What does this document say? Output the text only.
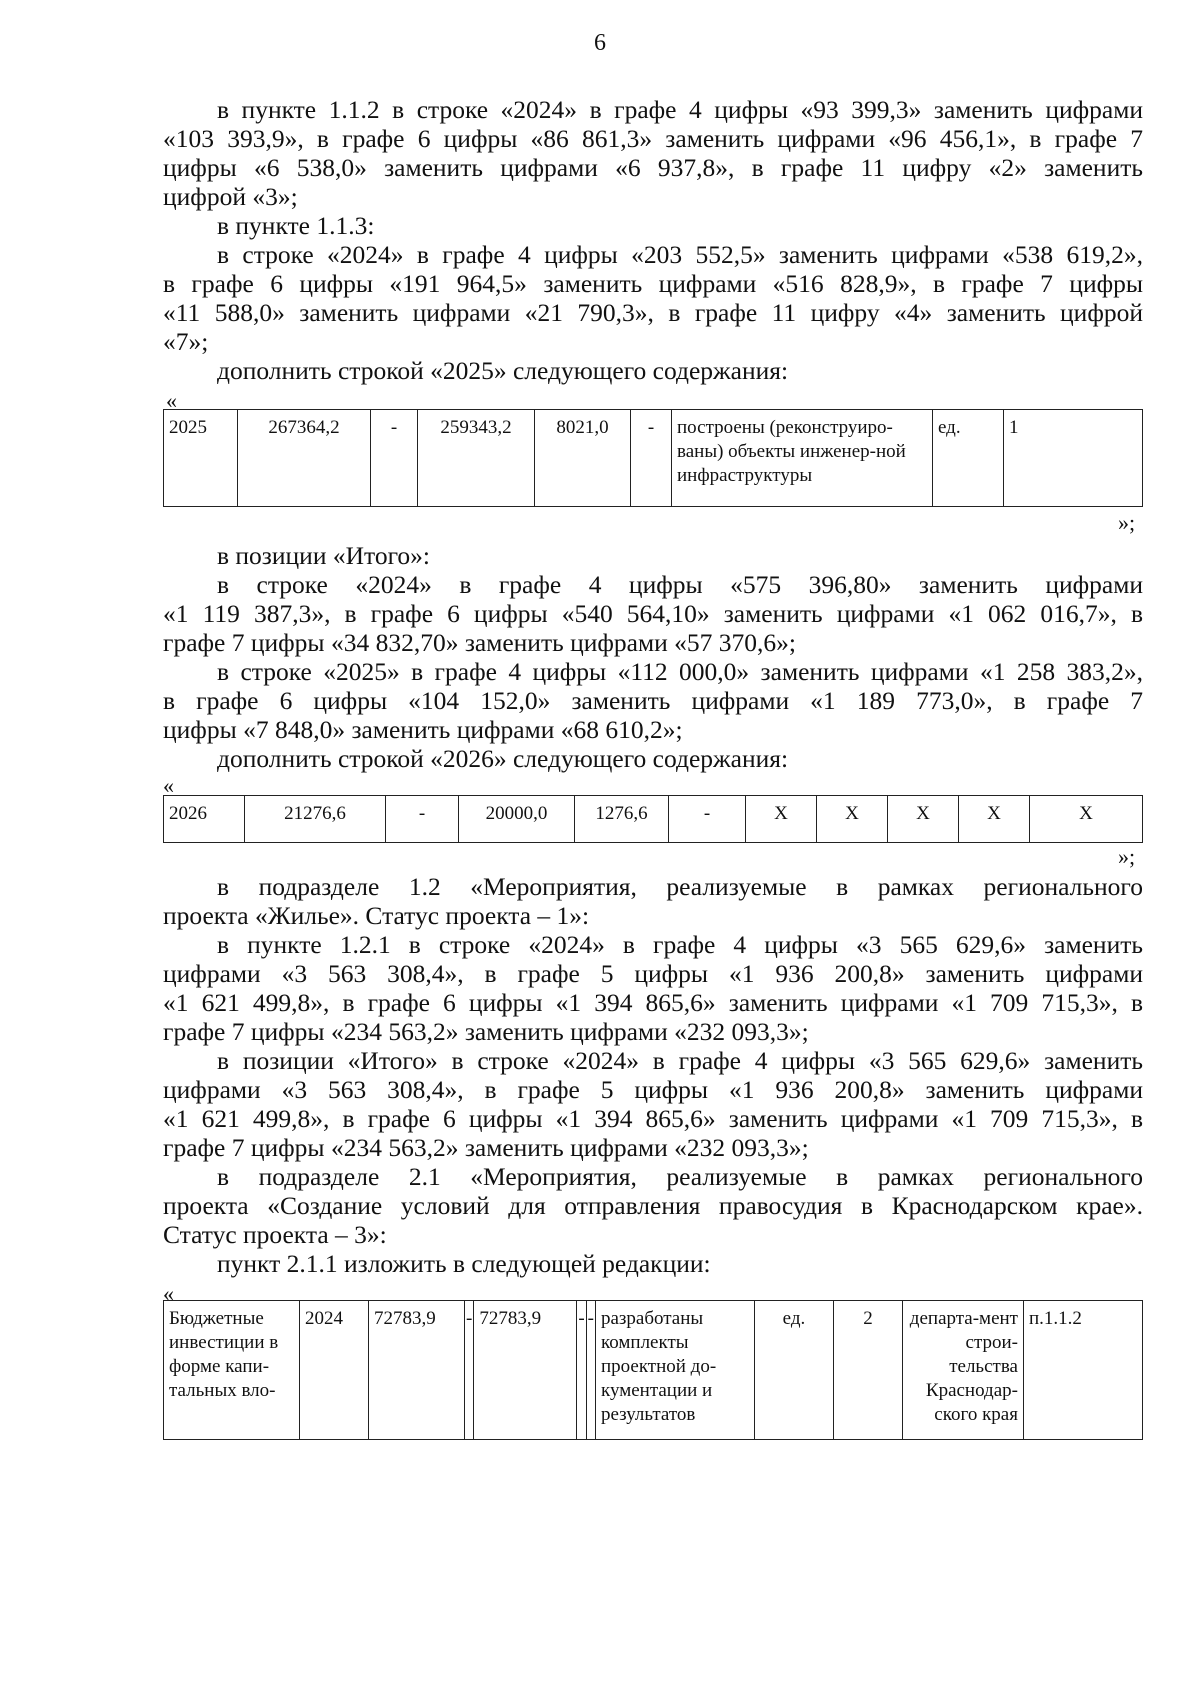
6
в пункте 1.1.2 в строке «2024» в графе 4 цифры «93 399,3» заменить цифрами
«103 393,9», в графе 6 цифры «86 861,3» заменить цифрами «96 456,1», в графе 7
цифры «6 538,0» заменить цифрами «6 937,8», в графе 11 цифру «2» заменить
цифрой «3»;
в пункте 1.1.3:
в строке «2024» в графе 4 цифры «203 552,5» заменить цифрами «538 619,2»,
в графе 6 цифры «191 964,5» заменить цифрами «516 828,9», в графе 7 цифры
«11 588,0» заменить цифрами «21 790,3», в графе 11 цифру «4» заменить цифрой
«7»;
дополнить строкой «2025» следующего содержания:
«
2025	267364,2	-	259343,2	8021,0	-	построены (реконструиро-ваны) объекты инженер-ной инфраструктуры	ед.	1
»;
в позиции «Итого»:
в строке «2024» в графе 4 цифры «575 396,80» заменить цифрами
«1 119 387,3», в графе 6 цифры «540 564,10» заменить цифрами «1 062 016,7», в
графе 7 цифры «34 832,70» заменить цифрами «57 370,6»;
в строке «2025» в графе 4 цифры «112 000,0» заменить цифрами «1 258 383,2»,
в графе 6 цифры «104 152,0» заменить цифрами «1 189 773,0», в графе 7
цифры «7 848,0» заменить цифрами «68 610,2»;
дополнить строкой «2026» следующего содержания:
«
2026	21276,6	-	20000,0	1276,6	-	X	X	X	X	X
»;
в подразделе 1.2 «Мероприятия, реализуемые в рамках регионального
проекта «Жилье». Статус проекта – 1»:
в пункте 1.2.1 в строке «2024» в графе 4 цифры «3 565 629,6» заменить
цифрами «3 563 308,4», в графе 5 цифры «1 936 200,8» заменить цифрами
«1 621 499,8», в графе 6 цифры «1 394 865,6» заменить цифрами «1 709 715,3», в
графе 7 цифры «234 563,2» заменить цифрами «232 093,3»;
в позиции «Итого» в строке «2024» в графе 4 цифры «3 565 629,6» заменить
цифрами «3 563 308,4», в графе 5 цифры «1 936 200,8» заменить цифрами
«1 621 499,8», в графе 6 цифры «1 394 865,6» заменить цифрами «1 709 715,3», в
графе 7 цифры «234 563,2» заменить цифрами «232 093,3»;
в подразделе 2.1 «Мероприятия, реализуемые в рамках регионального
проекта «Создание условий для отправления правосудия в Краснодарском крае».
Статус проекта – 3»:
пункт 2.1.1 изложить в следующей редакции:
«
Бюджетные инвестиции в форме капи-тальных вло-	2024	72783,9	-	72783,9	-	-	разработаны комплекты проектной до-кументации и результатов	ед.	2	департа-мент строи-тельства Краснодар-ского края	п.1.1.2
